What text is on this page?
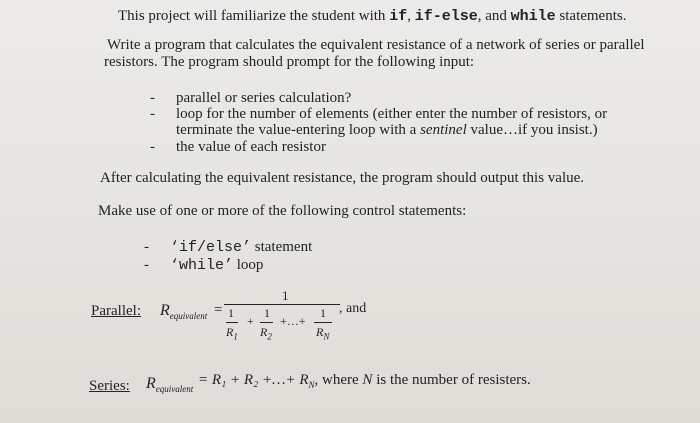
This project will familiarize the student with if, if-else, and while statements.
Write a program that calculates the equivalent resistance of a network of series or parallel
resistors. The program should prompt for the following input:
- parallel or series calculation?
- loop for the number of elements (either enter the number of resistors, or
terminate the value-entering loop with a sentinel value…if you insist.)
- the value of each resistor
After calculating the equivalent resistance, the program should output this value.
Make use of one or more of the following control statements:
- ‘if/else’ statement
- ‘while’ loop
Parallel: $R_{equivalent}$ =
1
1
$R_1$
+
1
$R_2$
+…+
1
$R_N$
, and
Series: $R_{equivalent}$
= R₁ + R₂ +…+ $R_N$, where N is the number of resisters.
